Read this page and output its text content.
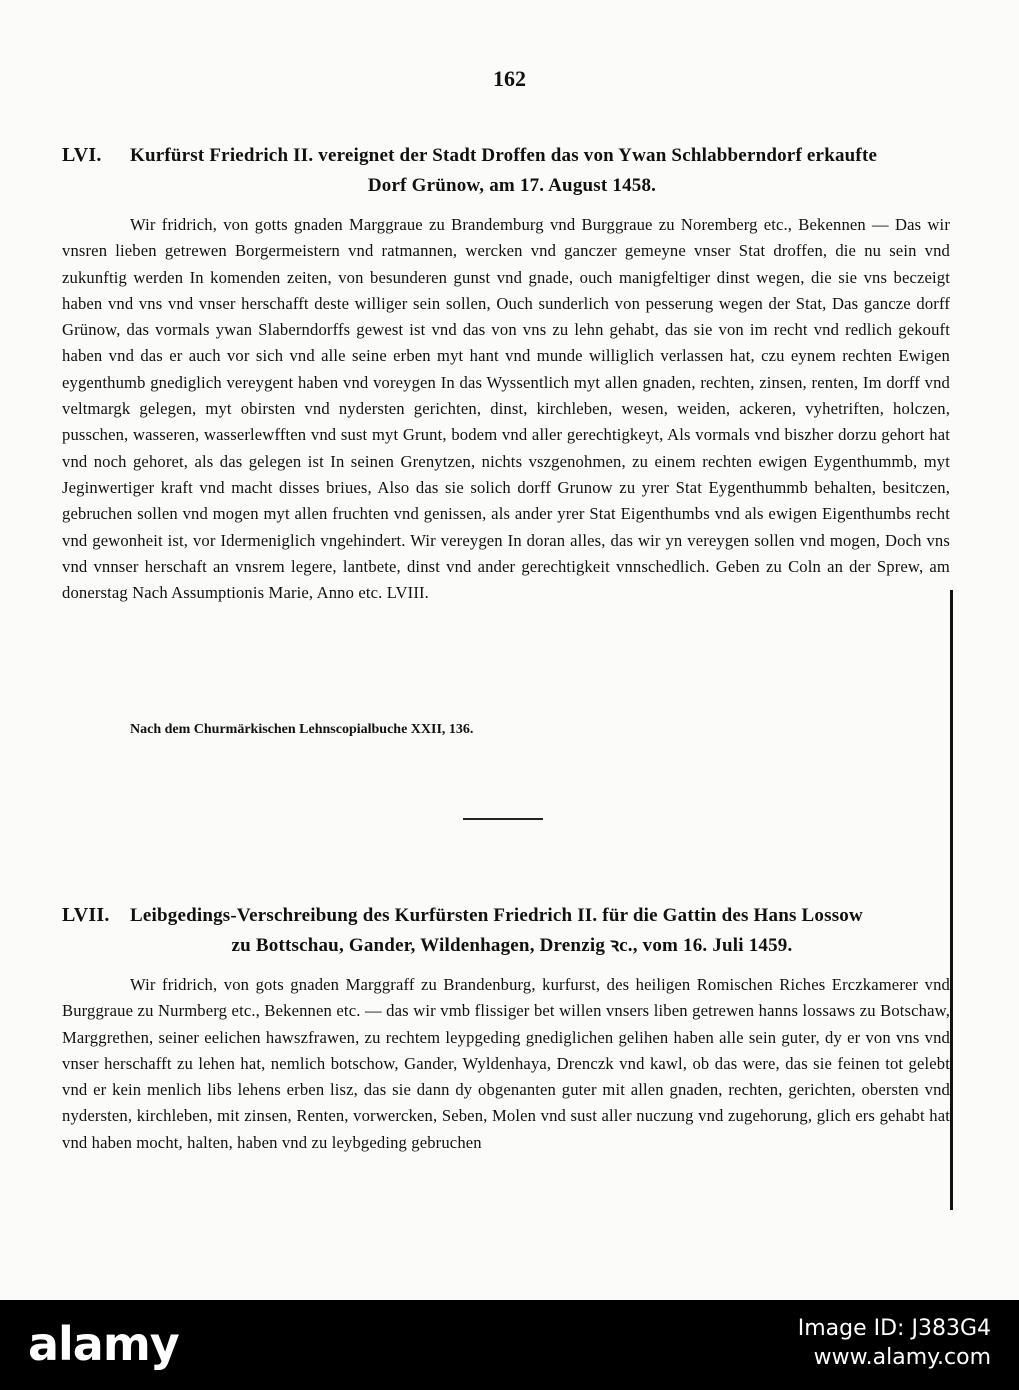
162
LVI. Kurfürst Friedrich II. vereignet der Stadt Droffen das von Ywan Schlabberndorf erkaufte
Dorf Grünow, am 17. August 1458.

Wir fridrich, von gotts gnaden Marggraue zu Brandemburg vnd Burggraue zu Noremberg etc., Bekennen — Das wir vnsren lieben getrewen Borgermeistern vnd ratmannen, wercken vnd ganczer gemeyne vnser Stat droffen, die nu sein vnd zukunftig werden In komenden zeiten, von besunderen gunst vnd gnade, ouch manigfeltiger dinst wegen, die sie vns beczeigt haben vnd vns vnd vnser herschafft deste williger sein sollen, Ouch sunderlich von pesserung wegen der Stat, Das gancze dorff Grünow, das vormals ywan Slaberndorffs gewest ist vnd das von vns zu lehn gehabt, das sie von im recht vnd redlich gekouft haben vnd das er auch vor sich vnd alle seine erben myt hant vnd munde williglich verlassen hat, czu eynem rechten Ewigen eygenthumb gnediglich vereygent haben vnd voreygen In das Wyssentlich myt allen gnaden, rechten, zinsen, renten, Im dorff vnd veltmargk gelegen, myt obirsten vnd nydersten gerichten, dinst, kirchleben, wesen, weiden, ackeren, vyhetriften, holczen, pusschen, wasseren, wasserlewfften vnd sust myt Grunt, bodem vnd aller gerechtigkeyt, Als vormals vnd biszher dorzu gehort hat vnd noch gehoret, als das gelegen ist In seinen Grenytzen, nichts vszgenohmen, zu einem rechten ewigen Eygenthummb, myt Jeginwertiger kraft vnd macht disses briues, Also das sie solich dorff Grunow zu yrer Stat Eygenthummb behalten, besitczen, gebruchen sollen vnd mogen myt allen fruchten vnd genissen, als ander yrer Stat Eigenthumbs vnd als ewigen Eigenthumbs recht vnd gewonheit ist, vor Idermeniglich vngehindert. Wir vereygen In doran alles, das wir yn vereygen sollen vnd mogen, Doch vns vnd vnnser herschaft an vnsrem legere, lantbete, dinst vnd ander gerechtigkeit vnnschedlich. Geben zu Coln an der Sprew, am donerstag Nach Assumptionis Marie, Anno etc. LVIII.

Nach dem Churmärkischen Lehnscopialbuche XXII, 136.
LVII. Leibgedings-Verschreibung des Kurfürsten Friedrich II. für die Gattin des Hans Lossow
zu Bottschau, Gander, Wildenhagen, Drenzig ꝛc., vom 16. Juli 1459.

Wir fridrich, von gots gnaden Marggraff zu Brandenburg, kurfurst, des heiligen Romischen Riches Erczkamerer vnd Burggraue zu Nurmberg etc., Bekennen etc. — das wir vmb flissiger bet willen vnsers liben getrewen hanns lossaws zu Botschaw, Marggrethen, seiner eelichen hawszfrawen, zu rechtem leypgeding gnediglichen gelihen haben alle sein guter, dy er von vns vnd vnser herschafft zu lehen hat, nemlich botschow, Gander, Wyldenhaya, Drenczk vnd kawl, ob das were, das sie feinen tot gelebt vnd er kein menlich libs lehens erben lisz, das sie dann dy obgenanten guter mit allen gnaden, rechten, gerichten, obersten vnd nydersten, kirchleben, mit zinsen, Renten, vorwercken, Seben, Molen vnd sust aller nuczung vnd zugehorung, glich ers gehabt hat vnd haben mocht, halten, haben vnd zu leybgeding gebruchen

alamy	Image ID: J383G4
www.alamy.com
